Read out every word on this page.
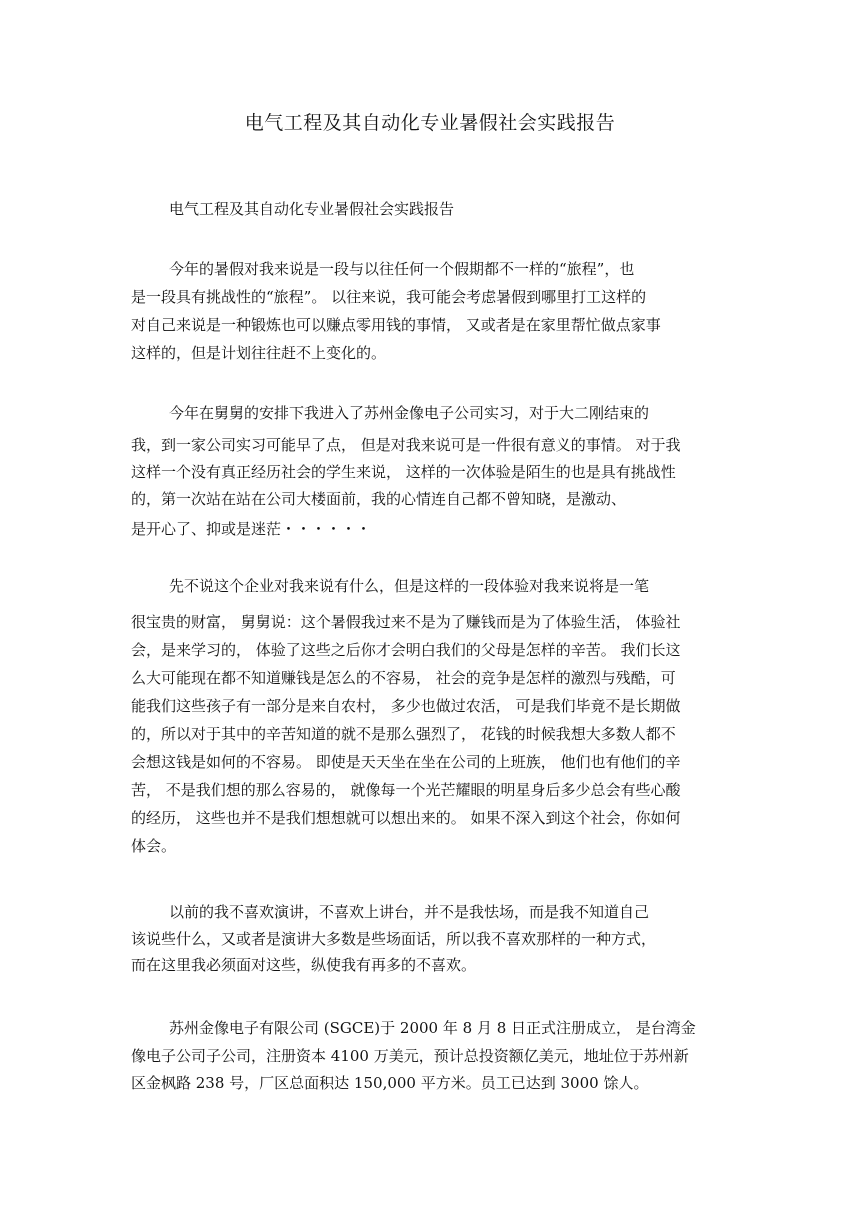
电气工程及其自动化专业暑假社会实践报告
电气工程及其自动化专业暑假社会实践报告
今年的暑假对我来说是一段与以往任何一个假期都不一样的“旅程”，也
是一段具有挑战性的“旅程”。 以往来说，我可能会考虑暑假到哪里打工这样的
对自己来说是一种锻炼也可以赚点零用钱的事情， 又或者是在家里帮忙做点家事
这样的，但是计划往往赶不上变化的。
今年在舅舅的安排下我进入了苏州金像电子公司实习，对于大二刚结束的
我，到一家公司实习可能早了点， 但是对我来说可是一件很有意义的事情。 对于我
这样一个没有真正经历社会的学生来说， 这样的一次体验是陌生的也是具有挑战性
的，第一次站在站在公司大楼面前，我的心情连自己都不曾知晓，是激动、
是开心了、抑或是迷茫・・・・・・
先不说这个企业对我来说有什么，但是这样的一段体验对我来说将是一笔
很宝贵的财富， 舅舅说：这个暑假我过来不是为了赚钱而是为了体验生活， 体验社
会，是来学习的， 体验了这些之后你才会明白我们的父母是怎样的辛苦。 我们长这
么大可能现在都不知道赚钱是怎么的不容易， 社会的竞争是怎样的激烈与残酷，可
能我们这些孩子有一部分是来自农村， 多少也做过农活， 可是我们毕竟不是长期做
的，所以对于其中的辛苦知道的就不是那么强烈了， 花钱的时候我想大多数人都不
会想这钱是如何的不容易。 即使是天天坐在坐在公司的上班族， 他们也有他们的辛
苦， 不是我们想的那么容易的， 就像每一个光芒耀眼的明星身后多少总会有些心酸
的经历， 这些也并不是我们想想就可以想出来的。 如果不深入到这个社会，你如何
体会。
以前的我不喜欢演讲，不喜欢上讲台，并不是我怯场，而是我不知道自己
该说些什么，又或者是演讲大多数是些场面话，所以我不喜欢那样的一种方式，
而在这里我必须面对这些，纵使我有再多的不喜欢。
苏州金像电子有限公司 (SGCE)于 2000 年 8 月 8 日正式注册成立， 是台湾金
像电子公司子公司，注册资本 4100 万美元，预计总投资额亿美元，地址位于苏州新
区金枫路 238 号，厂区总面积达 150,000 平方米。员工已达到 3000 馀人。
